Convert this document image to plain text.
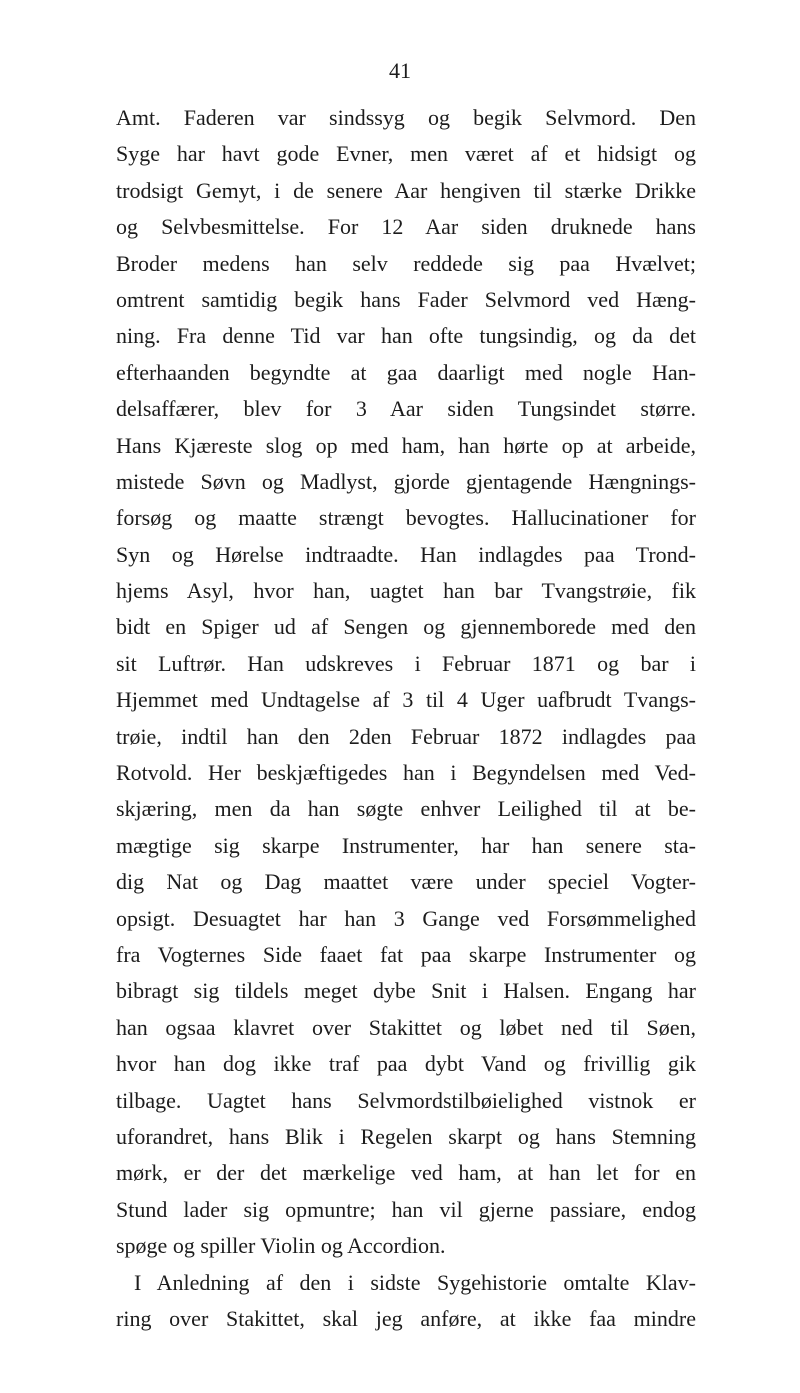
41
Amt. Faderen var sindssyg og begik Selvmord. Den
Syge har havt gode Evner, men været af et hidsigt og
trodsigt Gemyt, i de senere Aar hengiven til stærke Drikke
og Selvbesmittelse. For 12 Aar siden druknede hans
Broder medens han selv reddede sig paa Hvælvet;
omtrent samtidig begik hans Fader Selvmord ved Hæng-
ning. Fra denne Tid var han ofte tungsindig, og da det
efterhaanden begyndte at gaa daarligt med nogle Han-
delsaffærer, blev for 3 Aar siden Tungsindet større.
Hans Kjæreste slog op med ham, han hørte op at arbeide,
mistede Søvn og Madlyst, gjorde gjentagende Hængnings-
forsøg og maatte strængt bevogtes. Hallucinationer for
Syn og Hørelse indtraadte. Han indlagdes paa Trond-
hjems Asyl, hvor han, uagtet han bar Tvangstrøie, fik
bidt en Spiger ud af Sengen og gjennemborede med den
sit Luftrør. Han udskreves i Februar 1871 og bar i
Hjemmet med Undtagelse af 3 til 4 Uger uafbrudt Tvangs-
trøie, indtil han den 2den Februar 1872 indlagdes paa
Rotvold. Her beskjæftigedes han i Begyndelsen med Ved-
skjæring, men da han søgte enhver Leilighed til at be-
mægtige sig skarpe Instrumenter, har han senere sta-
dig Nat og Dag maattet være under speciel Vogter-
opsigt. Desuagtet har han 3 Gange ved Forsømmelighed
fra Vogternes Side faaet fat paa skarpe Instrumenter og
bibragt sig tildels meget dybe Snit i Halsen. Engang har
han ogsaa klavret over Stakittet og løbet ned til Søen,
hvor han dog ikke traf paa dybt Vand og frivillig gik
tilbage. Uagtet hans Selvmordstilbøielighed vistnok er
uforandret, hans Blik i Regelen skarpt og hans Stemning
mørk, er der det mærkelige ved ham, at han let for en
Stund lader sig opmuntre; han vil gjerne passiare, endog
spøge og spiller Violin og Accordion.
I Anledning af den i sidste Sygehistorie omtalte Klav-
ring over Stakittet, skal jeg anføre, at ikke faa mindre
